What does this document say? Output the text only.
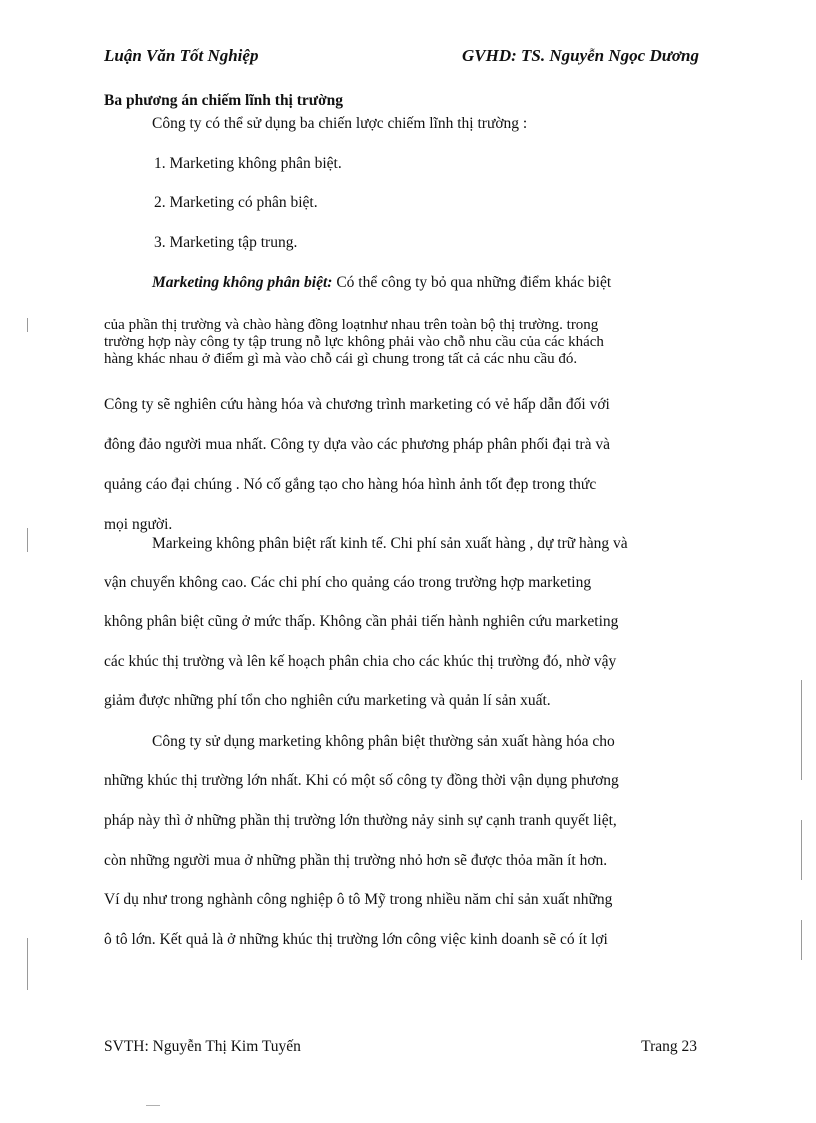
Luận Văn Tốt Nghiệp	GVHD: TS. Nguyễn Ngọc Dương
Ba phương án chiếm lĩnh thị trường
Công ty có thể sử dụng ba chiến lược chiếm lĩnh thị trường :
1. Marketing không phân biệt.
2. Marketing có phân biệt.
3. Marketing tập trung.
Marketing không phân biệt: Có thể công ty bỏ qua những điểm khác biệt
của phần thị trường và chào hàng đồng loạtnhư nhau trên toàn bộ thị trường. trong
trường hợp này công ty tập trung nỗ lực không phải vào chỗ nhu cầu của các khách
hàng khác nhau ở điểm gì mà vào chỗ cái gì chung trong tất cả các nhu cầu đó.
Công ty sẽ nghiên cứu hàng hóa và chương trình marketing có vẻ hấp dẫn đối với
đông đảo người mua nhất. Công ty dựa vào các phương pháp phân phối đại trà và
quảng cáo đại chúng . Nó cố gắng tạo cho hàng hóa hình ảnh tốt đẹp trong thức
mọi người.
Markeing không phân biệt rất kinh tế. Chi phí sản xuất hàng , dự trữ hàng và
vận chuyển không cao. Các chi phí cho quảng cáo trong trường hợp marketing
không phân biệt cũng ở mức thấp. Không cần phải tiến hành nghiên cứu marketing
các khúc thị trường và lên kế hoạch phân chia cho các khúc thị trường đó, nhờ vậy
giảm được những phí tổn cho nghiên cứu marketing và quản lí sản xuất.
Công ty sử dụng marketing không phân biệt thường sản xuất hàng hóa cho
những khúc thị trường lớn nhất. Khi có một số công ty đồng thời vận dụng phương
pháp này thì ở những phần thị trường lớn thường nảy sinh sự cạnh tranh quyết liệt,
còn những người mua ở những phần thị trường nhỏ hơn sẽ được thỏa mãn ít hơn.
Ví dụ như trong nghành công nghiệp ô tô Mỹ trong nhiều năm chỉ sản xuất những
ô tô lớn. Kết quả là ở những khúc thị trường lớn công việc kinh doanh sẽ có ít lợi
SVTH: Nguyễn Thị Kim Tuyến	Trang 23
